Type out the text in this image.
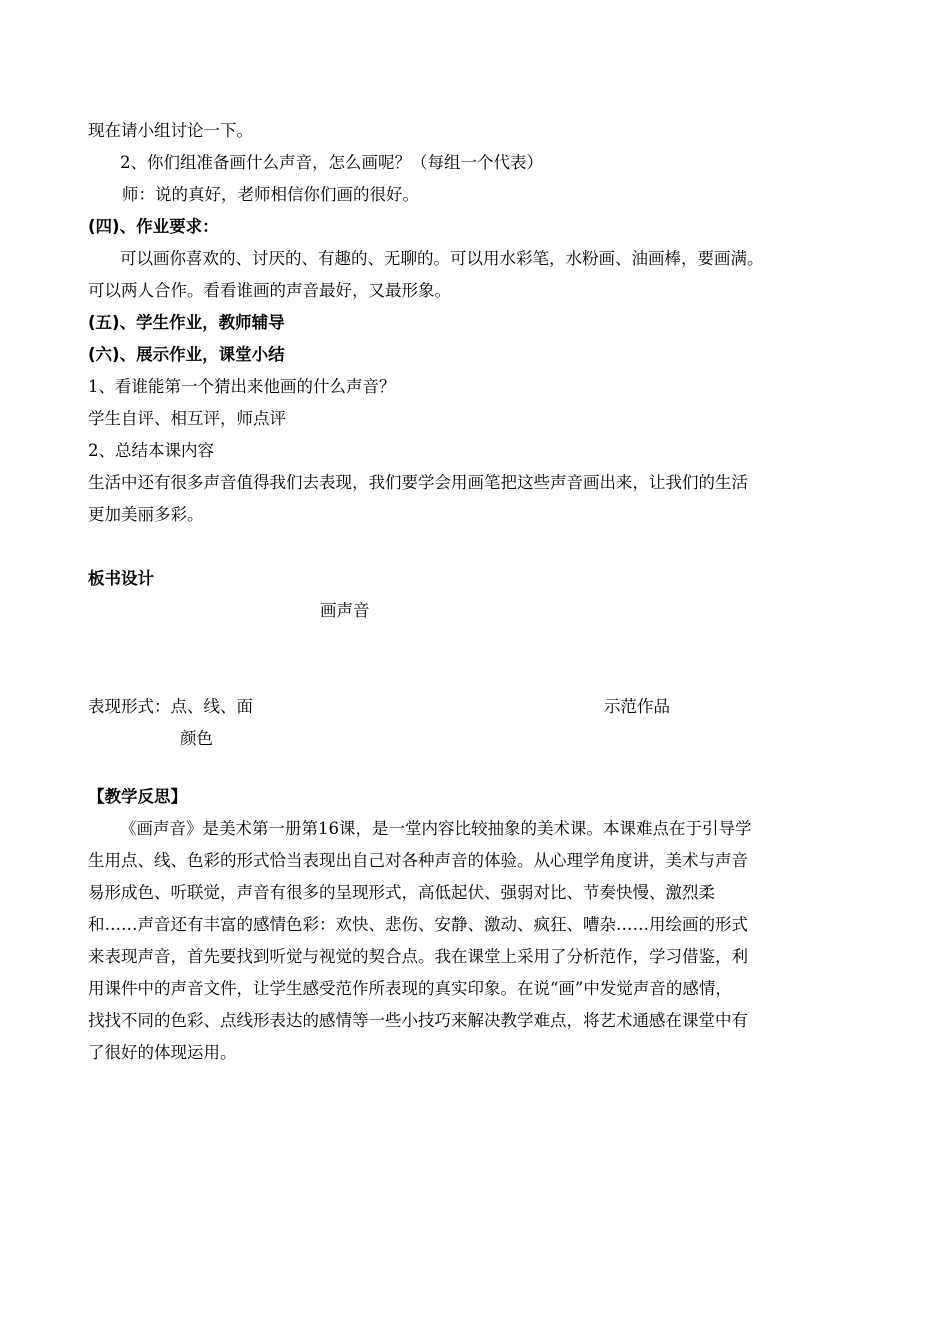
现在请小组讨论一下。
2、你们组准备画什么声音，怎么画呢？（每组一个代表）
师：说的真好，老师相信你们画的很好。
(四)、作业要求：
可以画你喜欢的、讨厌的、有趣的、无聊的。可以用水彩笔，水粉画、油画棒，要画满。
可以两人合作。看看谁画的声音最好，又最形象。
(五)、学生作业，教师辅导
(六)、展示作业，课堂小结
1、看谁能第一个猜出来他画的什么声音？
学生自评、相互评，师点评
2、总结本课内容
生活中还有很多声音值得我们去表现，我们要学会用画笔把这些声音画出来，让我们的生活
更加美丽多彩。
板书设计
画声音
表现形式：点、线、面	示范作品
颜色
【教学反思】
《画声音》是美术第一册第16课，是一堂内容比较抽象的美术课。本课难点在于引导学
生用点、线、色彩的形式恰当表现出自己对各种声音的体验。从心理学角度讲，美术与声音
易形成色、听联觉，声音有很多的呈现形式，高低起伏、强弱对比、节奏快慢、激烈柔
和……声音还有丰富的感情色彩：欢快、悲伤、安静、激动、疯狂、嘈杂……用绘画的形式
来表现声音，首先要找到听觉与视觉的契合点。我在课堂上采用了分析范作，学习借鉴，利
用课件中的声音文件，让学生感受范作所表现的真实印象。在说“画”中发觉声音的感情，
找找不同的色彩、点线形表达的感情等一些小技巧来解决教学难点，将艺术通感在课堂中有
了很好的体现运用。
